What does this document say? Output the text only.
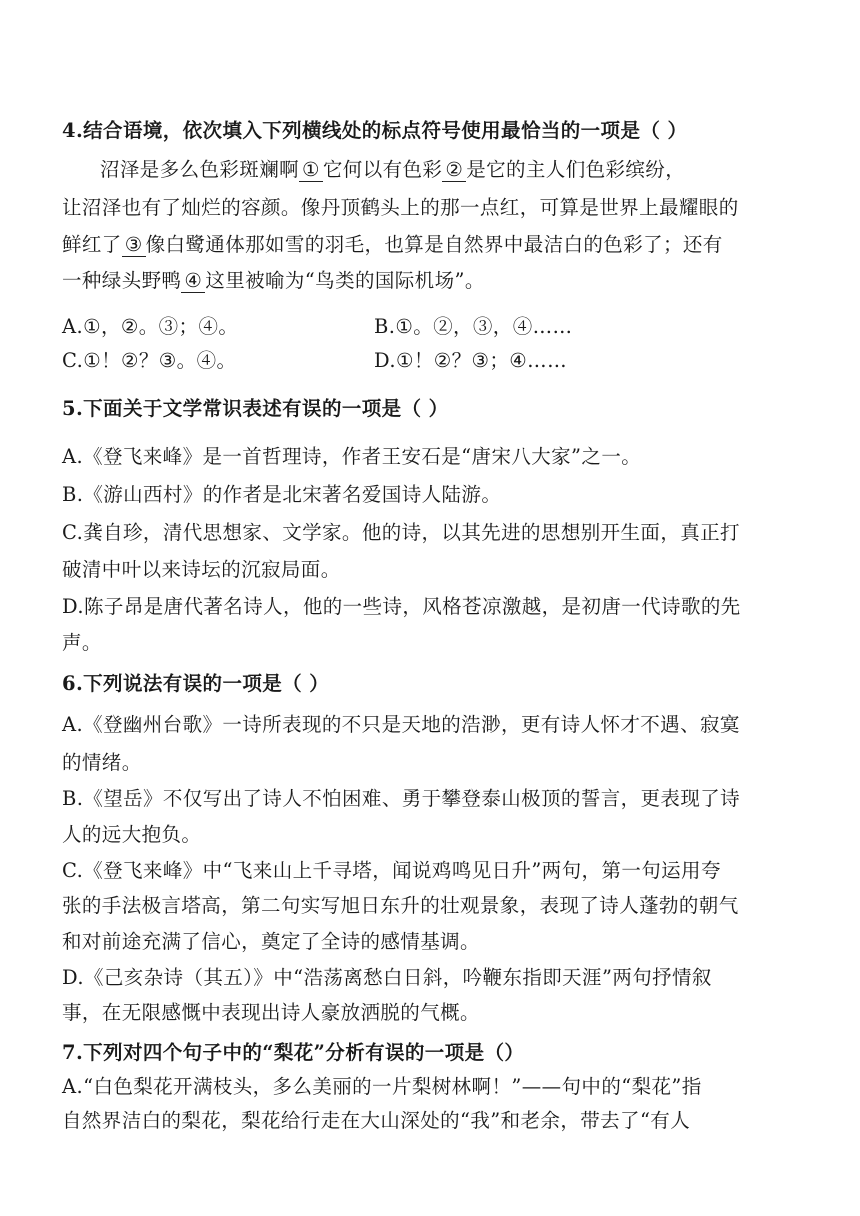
4.结合语境，依次填入下列横线处的标点符号使用最恰当的一项是（ ）
沼泽是多么色彩斑斓啊 ① 它何以有色彩 ② 是它的主人们色彩缤纷，
让沼泽也有了灿烂的容颜。像丹顶鹤头上的那一点红，可算是世界上最耀眼的
鲜红了 ③ 像白鹭通体那如雪的羽毛，也算是自然界中最洁白的色彩了；还有
一种绿头野鸭 ④ 这里被喻为“鸟类的国际机场”。
A.①，②。③；④。	B.①。②，③，④……
C.①！②？③。④。	D.①！②？③；④……
5.下面关于文学常识表述有误的一项是（ ）
A.《登飞来峰》是一首哲理诗，作者王安石是“唐宋八大家”之一。
B.《游山西村》的作者是北宋著名爱国诗人陆游。
C.龚自珍，清代思想家、文学家。他的诗，以其先进的思想别开生面，真正打
破清中叶以来诗坛的沉寂局面。
D.陈子昂是唐代著名诗人，他的一些诗，风格苍凉激越，是初唐一代诗歌的先
声。
6.下列说法有误的一项是（ ）
A.《登幽州台歌》一诗所表现的不只是天地的浩渺，更有诗人怀才不遇、寂寞
的情绪。
B.《望岳》不仅写出了诗人不怕困难、勇于攀登泰山极顶的誓言，更表现了诗
人的远大抱负。
C.《登飞来峰》中“飞来山上千寻塔，闻说鸡鸣见日升”两句，第一句运用夸
张的手法极言塔高，第二句实写旭日东升的壮观景象，表现了诗人蓬勃的朝气
和对前途充满了信心，奠定了全诗的感情基调。
D.《己亥杂诗（其五）》中“浩荡离愁白日斜，吟鞭东指即天涯”两句抒情叙
事，在无限感慨中表现出诗人豪放洒脱的气概。
7.下列对四个句子中的“梨花”分析有误的一项是（）
A.“白色梨花开满枝头，多么美丽的一片梨树林啊！”——句中的“梨花”指
自然界洁白的梨花，梨花给行走在大山深处的“我”和老余，带去了“有人
